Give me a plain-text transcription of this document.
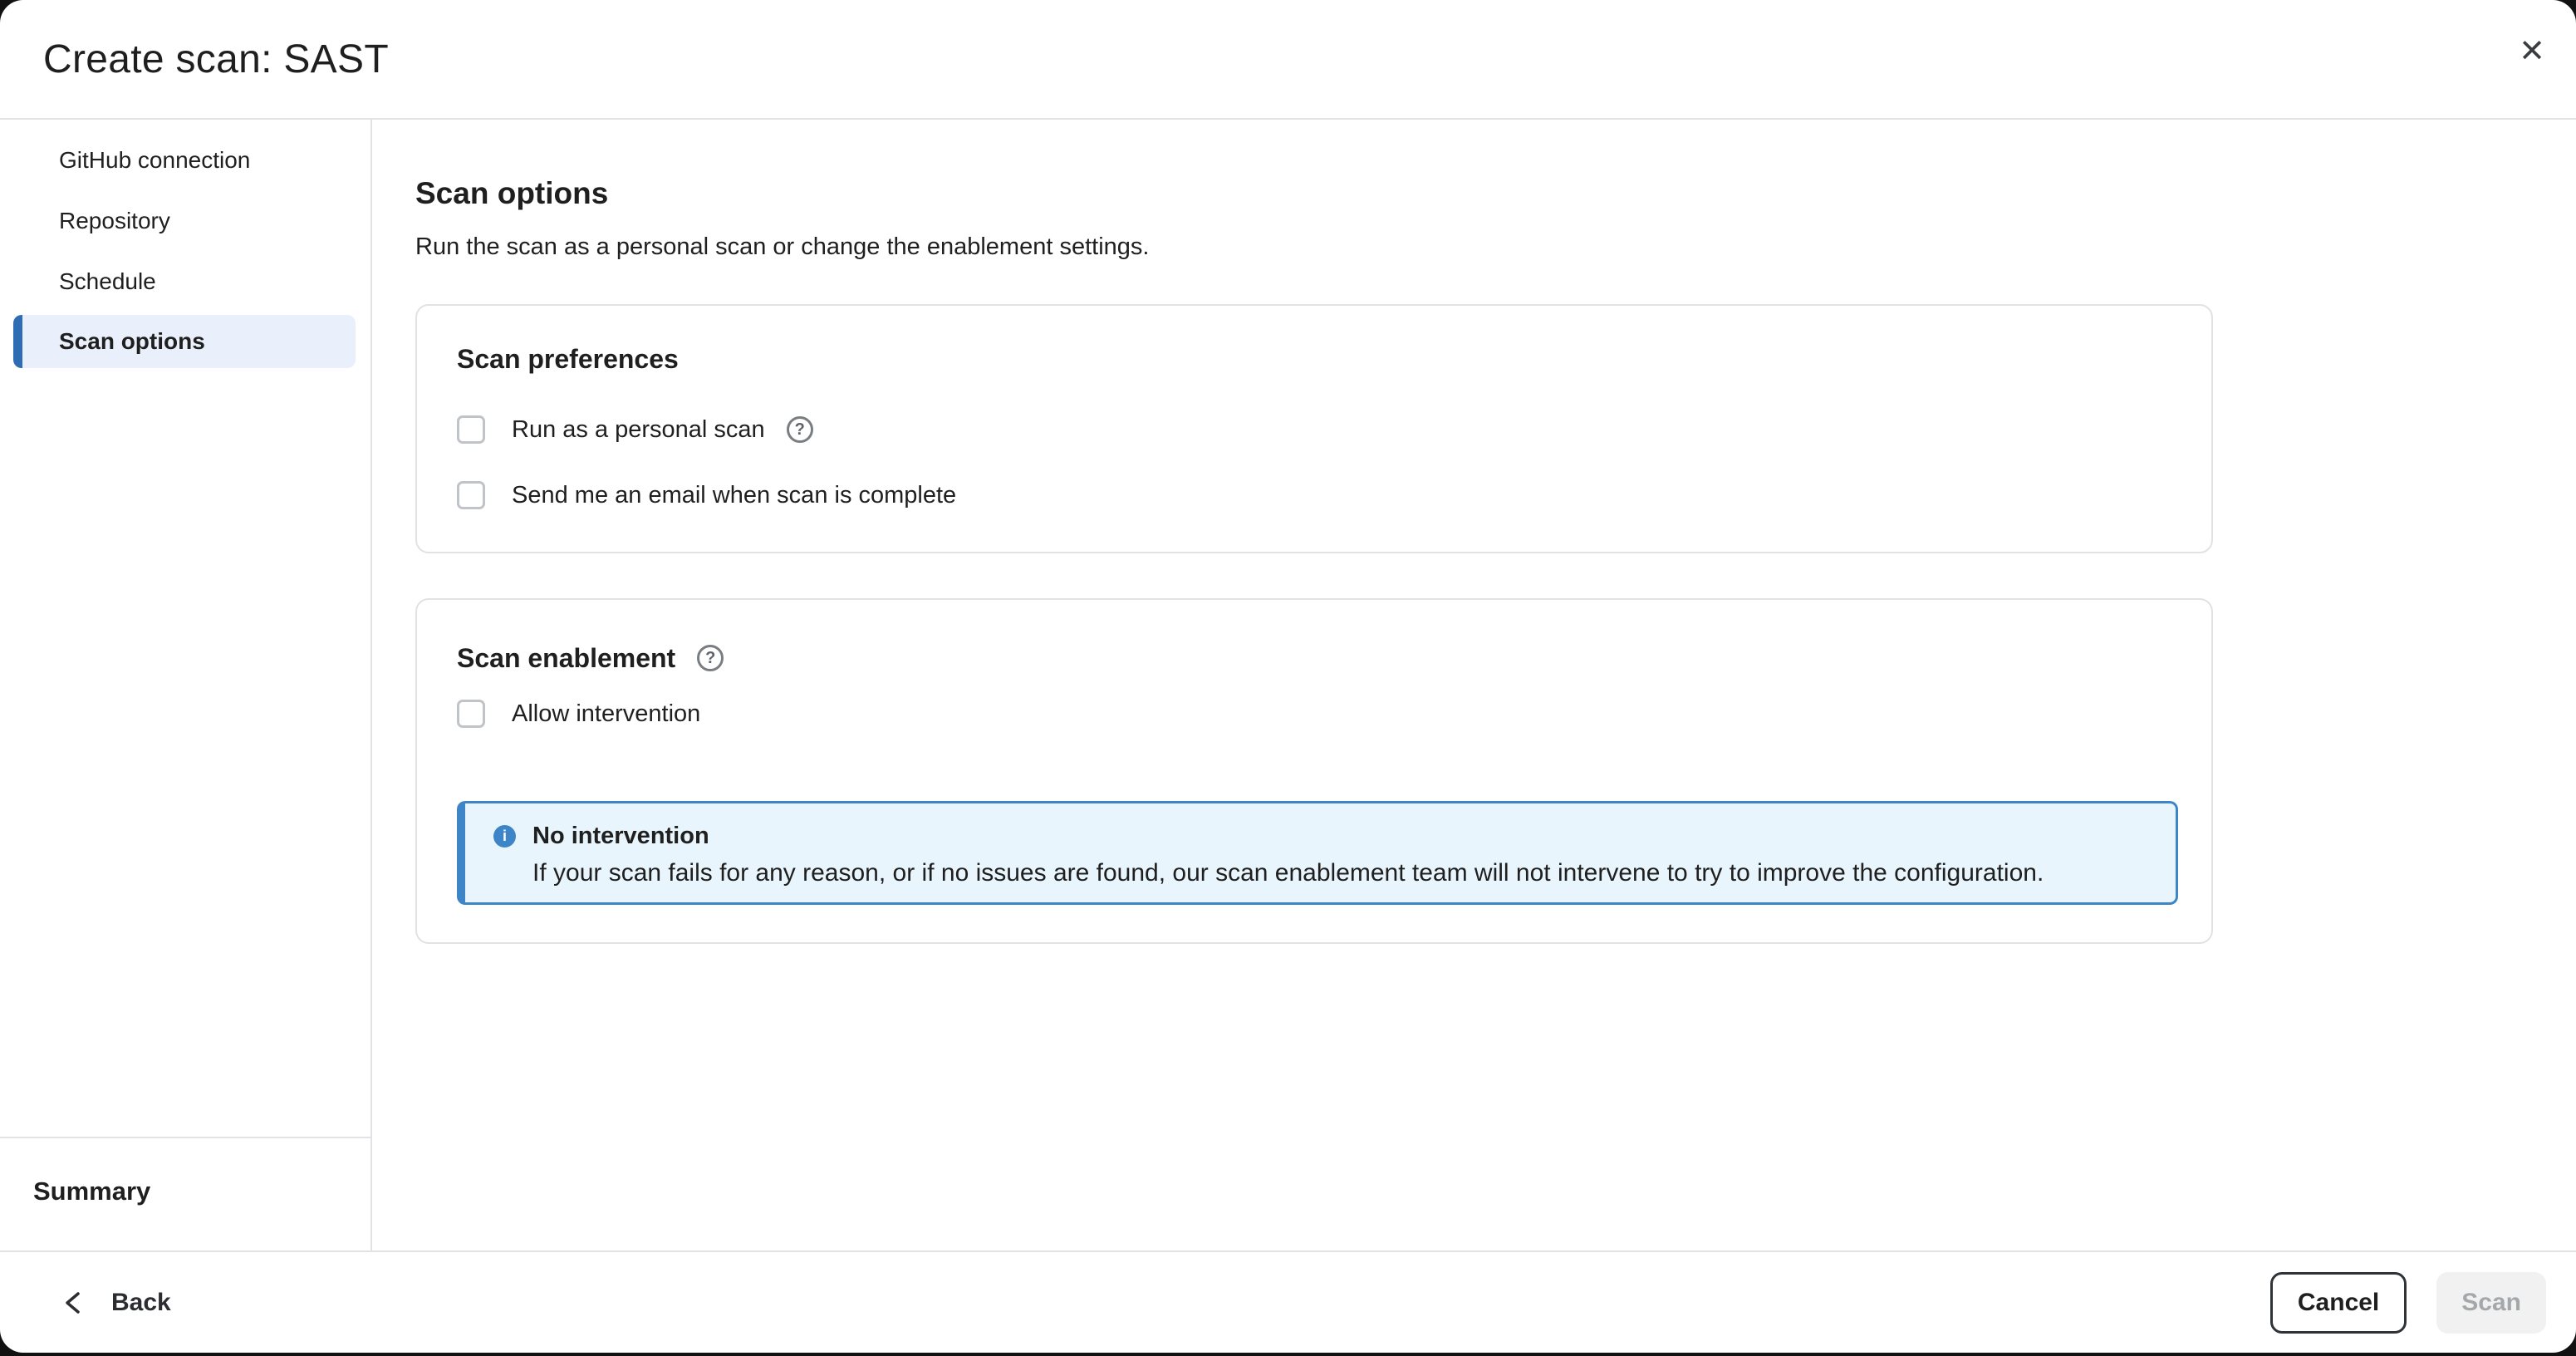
Create scan: SAST	✕
GitHub connection
Repository
Schedule
Scan options
Summary
Scan options
Run the scan as a personal scan or change the enablement settings.
Scan preferences
Run as a personal scan	?
Send me an email when scan is complete
Scan enablement	?
Allow intervention
i	No intervention
If your scan fails for any reason, or if no issues are found, our scan enablement team will not intervene to try to improve the configuration.
Back	Cancel	Scan
